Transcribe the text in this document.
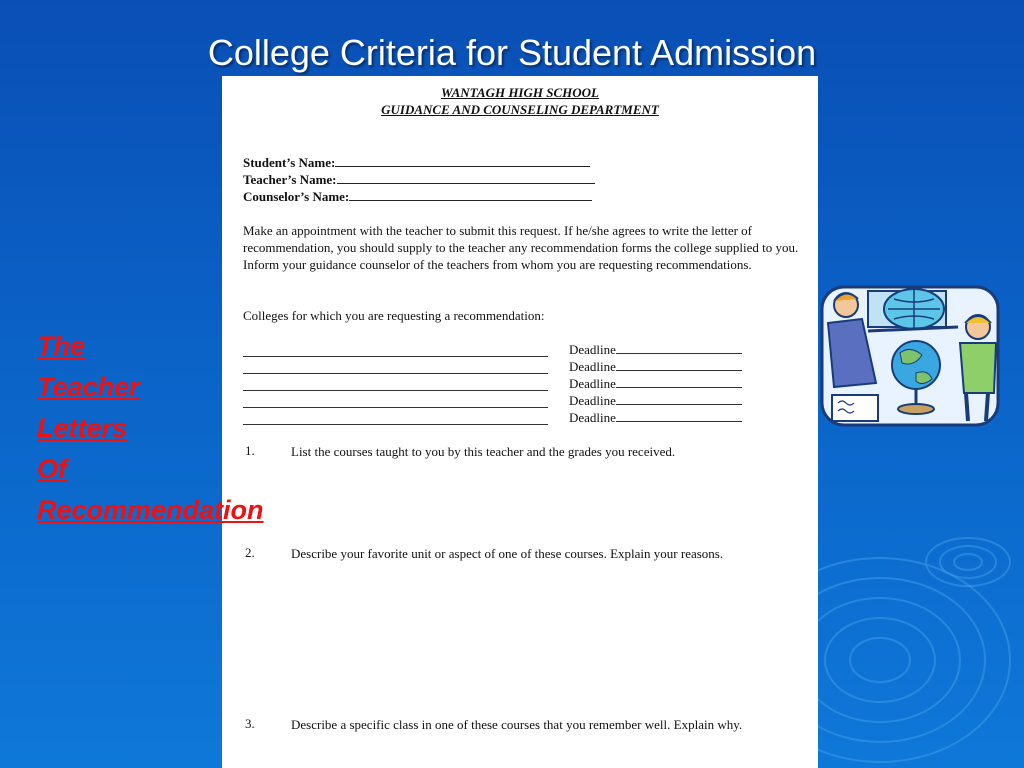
College Criteria for Student Admission
WANTAGH HIGH SCHOOL
GUIDANCE AND COUNSELING DEPARTMENT
Student’s Name:
Teacher’s Name:
Counselor’s Name:
Make an appointment with the teacher to submit this request. If he/she agrees to write the letter of recommendation, you should supply to the teacher any recommendation forms the college supplied to you. Inform your guidance counselor of the teachers from whom you are requesting recommendations.
Colleges for which you are requesting a recommendation:
Deadline
Deadline
Deadline
Deadline
Deadline
1.	List the courses taught to you by this teacher and the grades you received.
2.	Describe your favorite unit or aspect of one of these courses. Explain your reasons.
3.	Describe a specific class in one of these courses that you remember well. Explain why.
The
Teacher
Letters
Of
Recommendation
